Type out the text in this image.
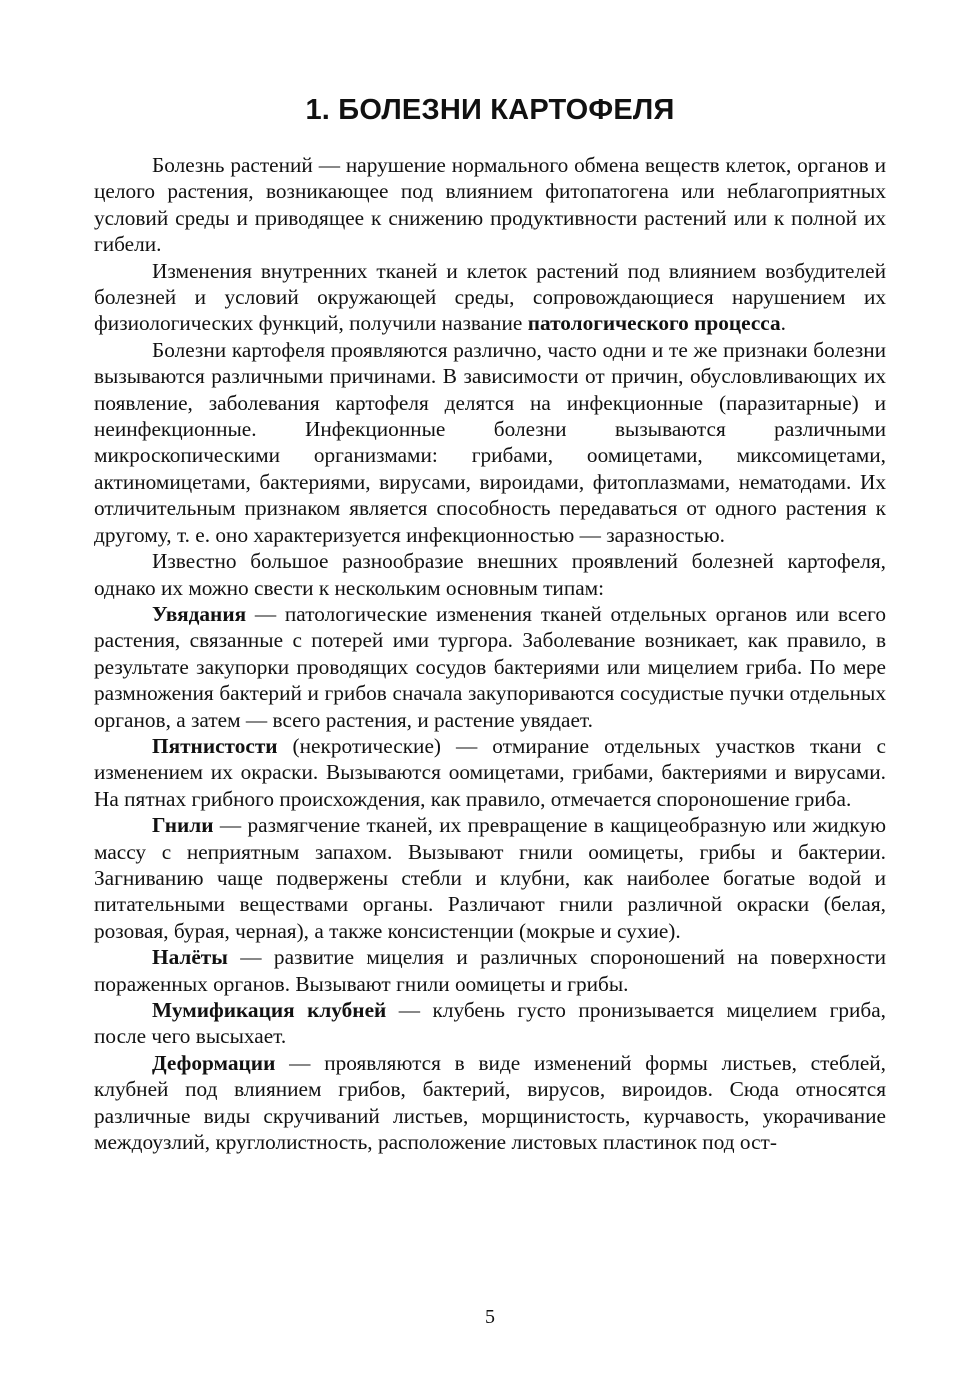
1. БОЛЕЗНИ КАРТОФЕЛЯ

Болезнь растений — нарушение нормального обмена веществ клеток, органов и целого растения, возникающее под влиянием фитопатогена или неблагоприятных условий среды и приводящее к снижению продуктивности растений или к полной их гибели.

Изменения внутренних тканей и клеток растений под влиянием возбудителей болезней и условий окружающей среды, сопровождающиеся нарушением их физиологических функций, получили название патологического процесса.

Болезни картофеля проявляются различно, часто одни и те же признаки болезни вызываются различными причинами. В зависимости от причин, обусловливающих их появление, заболевания картофеля делятся на инфекционные (паразитарные) и неинфекционные. Инфекционные болезни вызываются различными микроскопическими организмами: грибами, оомицетами, миксомицетами, актиномицетами, бактериями, вирусами, вироидами, фитоплазмами, нематодами. Их отличительным признаком является способность передаваться от одного растения к другому, т. е. оно характеризуется инфекционностью — заразностью.

Известно большое разнообразие внешних проявлений болезней картофеля, однако их можно свести к нескольким основным типам:

Увядания — патологические изменения тканей отдельных органов или всего растения, связанные с потерей ими тургора. Заболевание возникает, как правило, в результате закупорки проводящих сосудов бактериями или мицелием гриба. По мере размножения бактерий и грибов сначала закупориваются сосудистые пучки отдельных органов, а затем — всего растения, и растение увядает.

Пятнистости (некротические) — отмирание отдельных участков ткани с изменением их окраски. Вызываются оомицетами, грибами, бактериями и вирусами. На пятнах грибного происхождения, как правило, отмечается спороношение гриба.

Гнили — размягчение тканей, их превращение в кащицеобразную или жидкую массу с неприятным запахом. Вызывают гнили оомицеты, грибы и бактерии. Загниванию чаще подвержены стебли и клубни, как наиболее богатые водой и питательными веществами органы. Различают гнили различной окраски (белая, розовая, бурая, черная), а также консистенции (мокрые и сухие).

Налёты — развитие мицелия и различных спороношений на поверхности пораженных органов. Вызывают гнили оомицеты и грибы.

Мумификация клубней — клубень густо пронизывается мицелием гриба, после чего высыхает.

Деформации — проявляются в виде изменений формы листьев, стеблей, клубней под влиянием грибов, бактерий, вирусов, вироидов. Сюда относятся различные виды скручиваний листьев, морщинистость, курчавость, укорачивание междоузлий, круглолистность, расположение листовых пластинок под ост-

5
